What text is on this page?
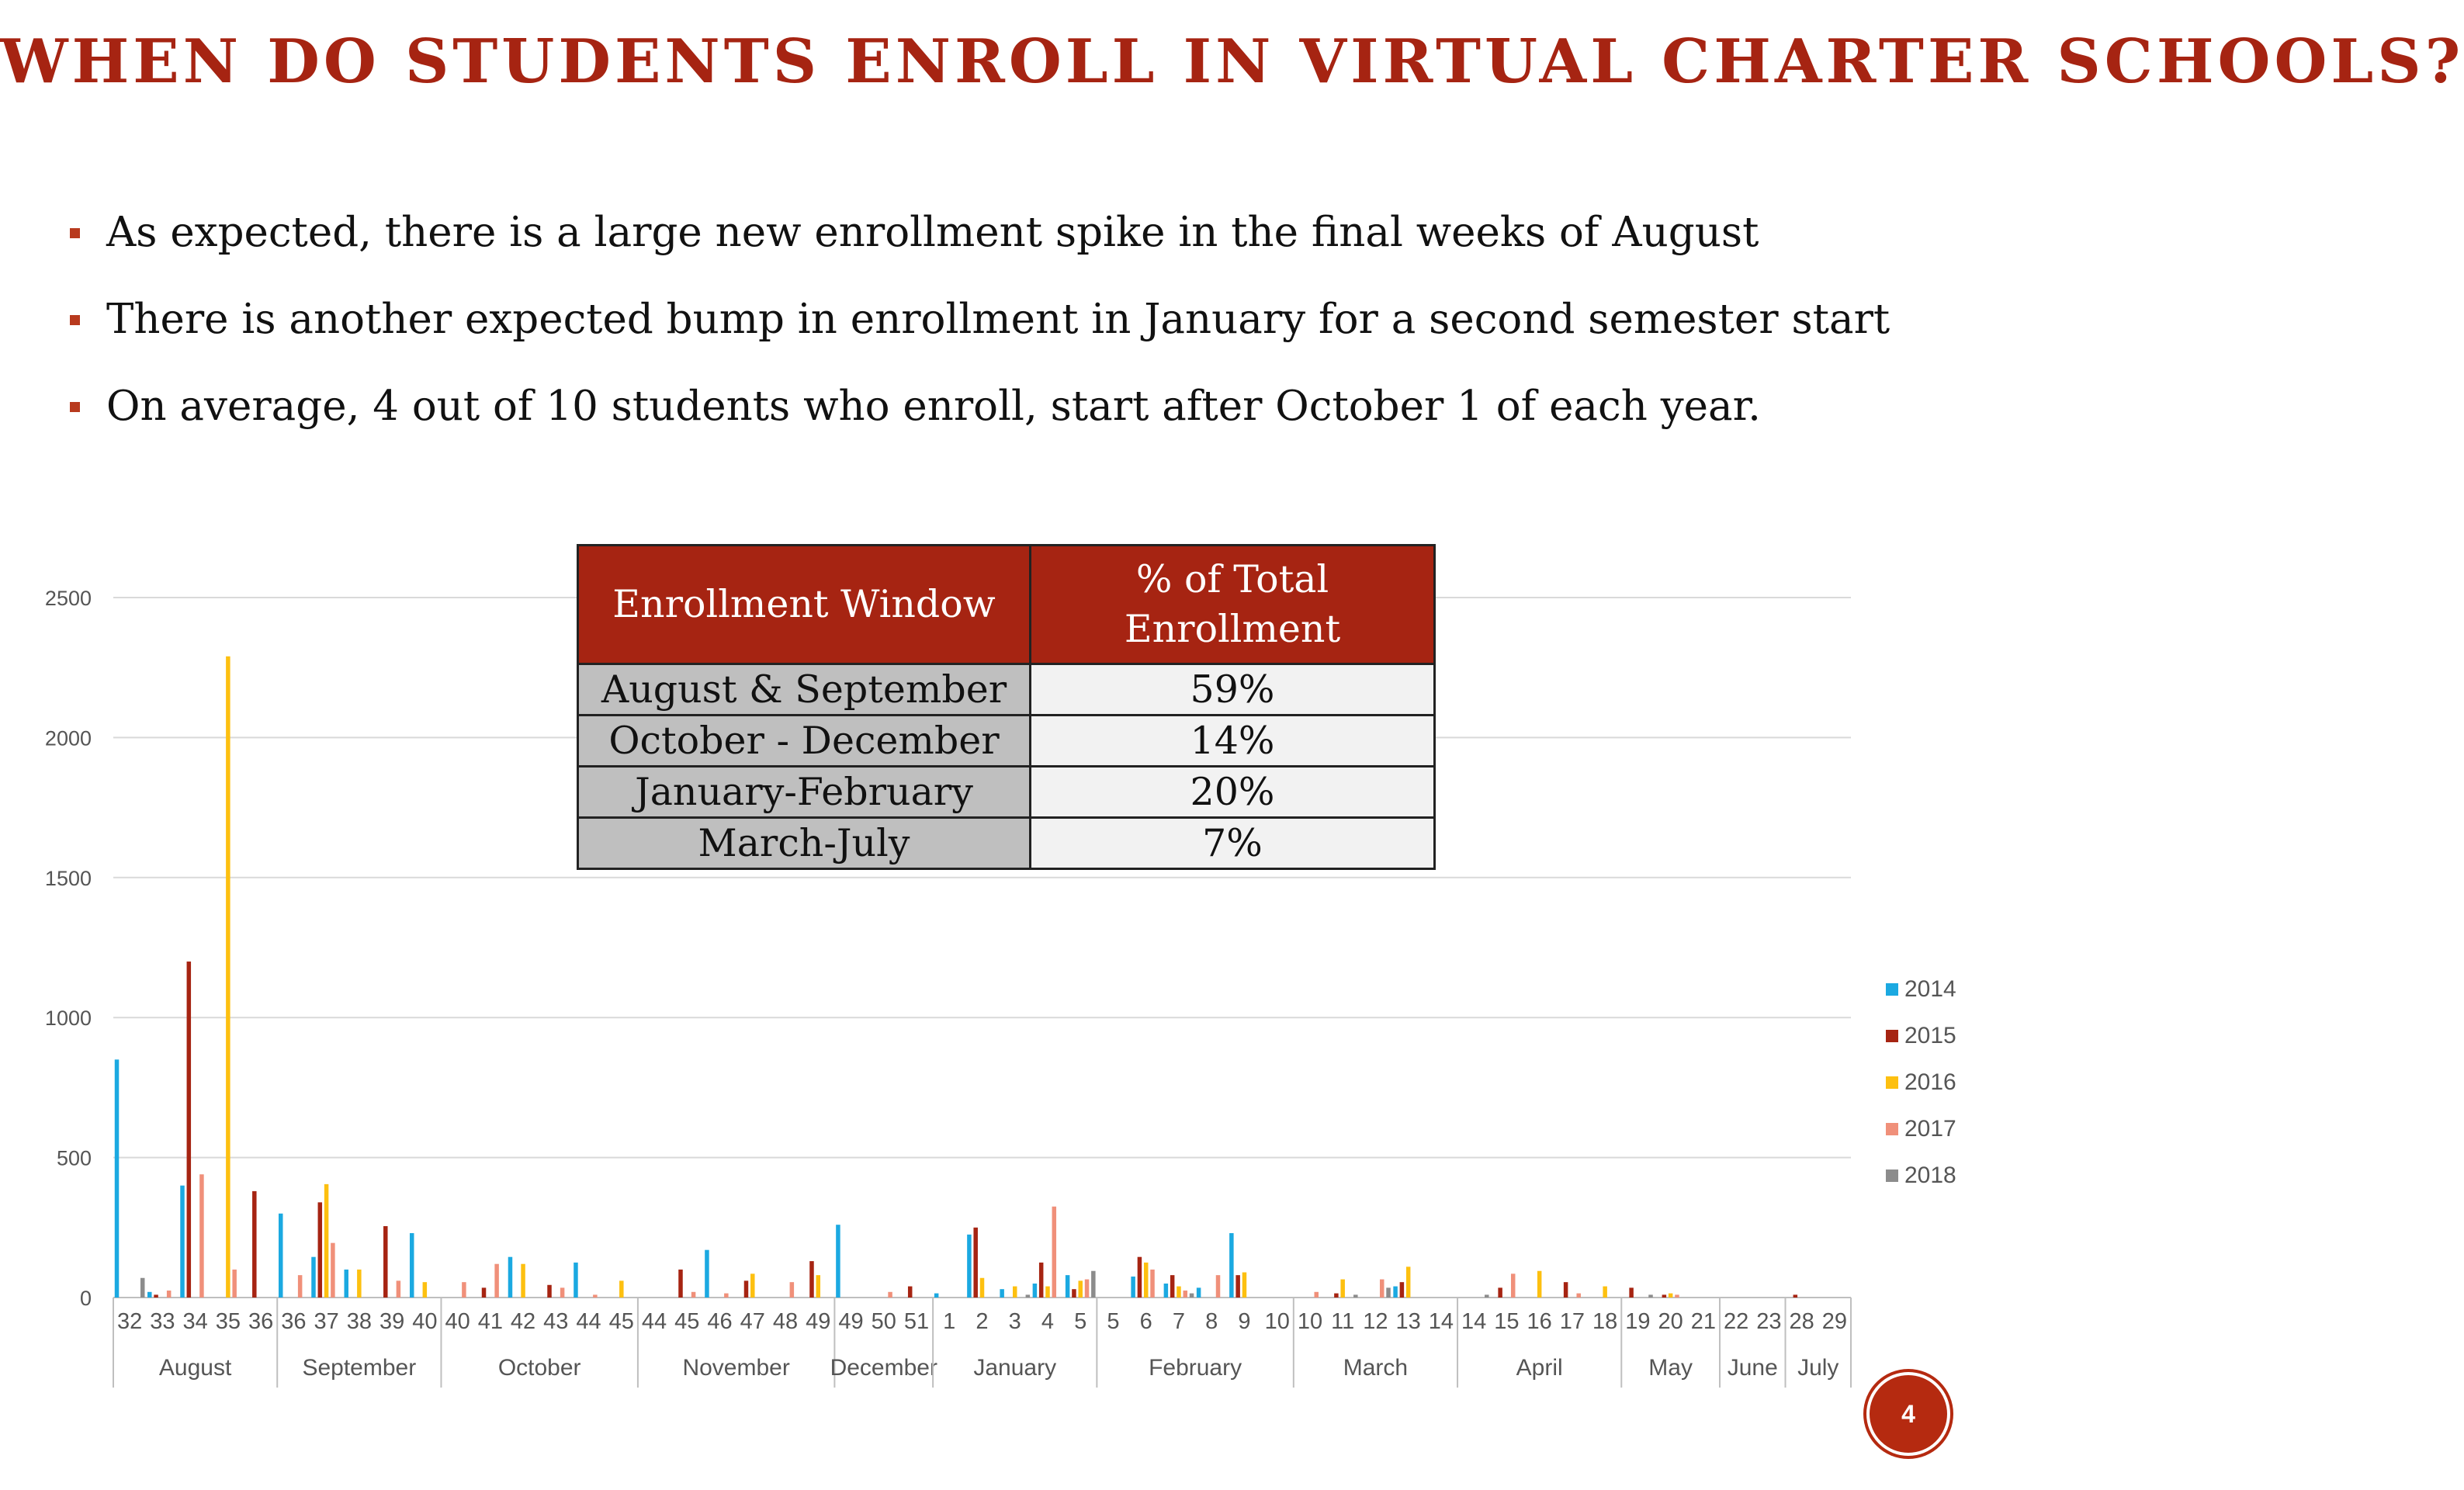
WHEN DO STUDENTS ENROLL IN VIRTUAL CHARTER SCHOOLS?
As expected, there is a large new enrollment spike in the final weeks of August
There is another expected bump in enrollment in January for a second semester start
On average, 4 out of 10 students who enroll, start after October 1 of each year.
0
500
1000
1500
2000
2500
32 33 34 35 36 36 37 38 39 40 40 41 42 43 44 45 44 45 46 47 48 49 49 50 51 1 2 3 4 5 5 6 7 8 9 10 10 11 12 13 14 14 15 16 17 18 19 20 21 22 23 28 29
August	September	October	November December January	February	March	April	May June July
Enrollment Window	% of Total Enrollment
August & September	59%
October - December	14%
January-February	20%
March-July	7%
2014
2015
2016
2017
2018
4
